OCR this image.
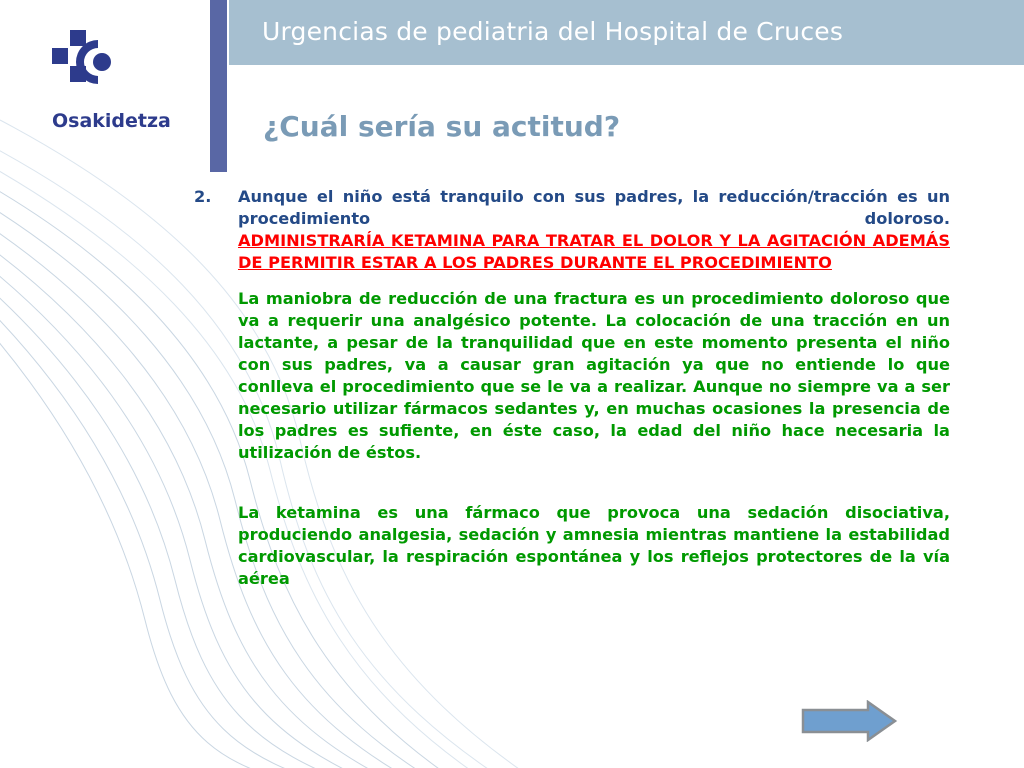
Osakidetza
Urgencias de pediatria del Hospital de Cruces
¿Cuál sería su actitud?
2. Aunque el niño está tranquilo con sus padres, la reducción/tracción es un procedimiento doloroso.
ADMINISTRARÍA KETAMINA PARA TRATAR EL DOLOR Y LA AGITACIÓN ADEMÁS DE PERMITIR ESTAR A LOS PADRES DURANTE EL PROCEDIMIENTO
La maniobra de reducción de una fractura es un procedimiento doloroso que va a requerir una analgésico potente. La colocación de una tracción en un lactante, a pesar de la tranquilidad que en este momento presenta el niño con sus padres, va a causar gran agitación ya que no entiende lo que conlleva el procedimiento que se le va a realizar. Aunque no siempre va a ser necesario utilizar fármacos sedantes y, en muchas ocasiones la presencia de los padres es sufiente, en éste caso, la edad del niño hace necesaria la utilización de éstos.
La ketamina es una fármaco que provoca una sedación disociativa, produciendo analgesia, sedación y amnesia mientras mantiene la estabilidad cardiovascular, la respiración espontánea y los reflejos protectores de la vía aérea
